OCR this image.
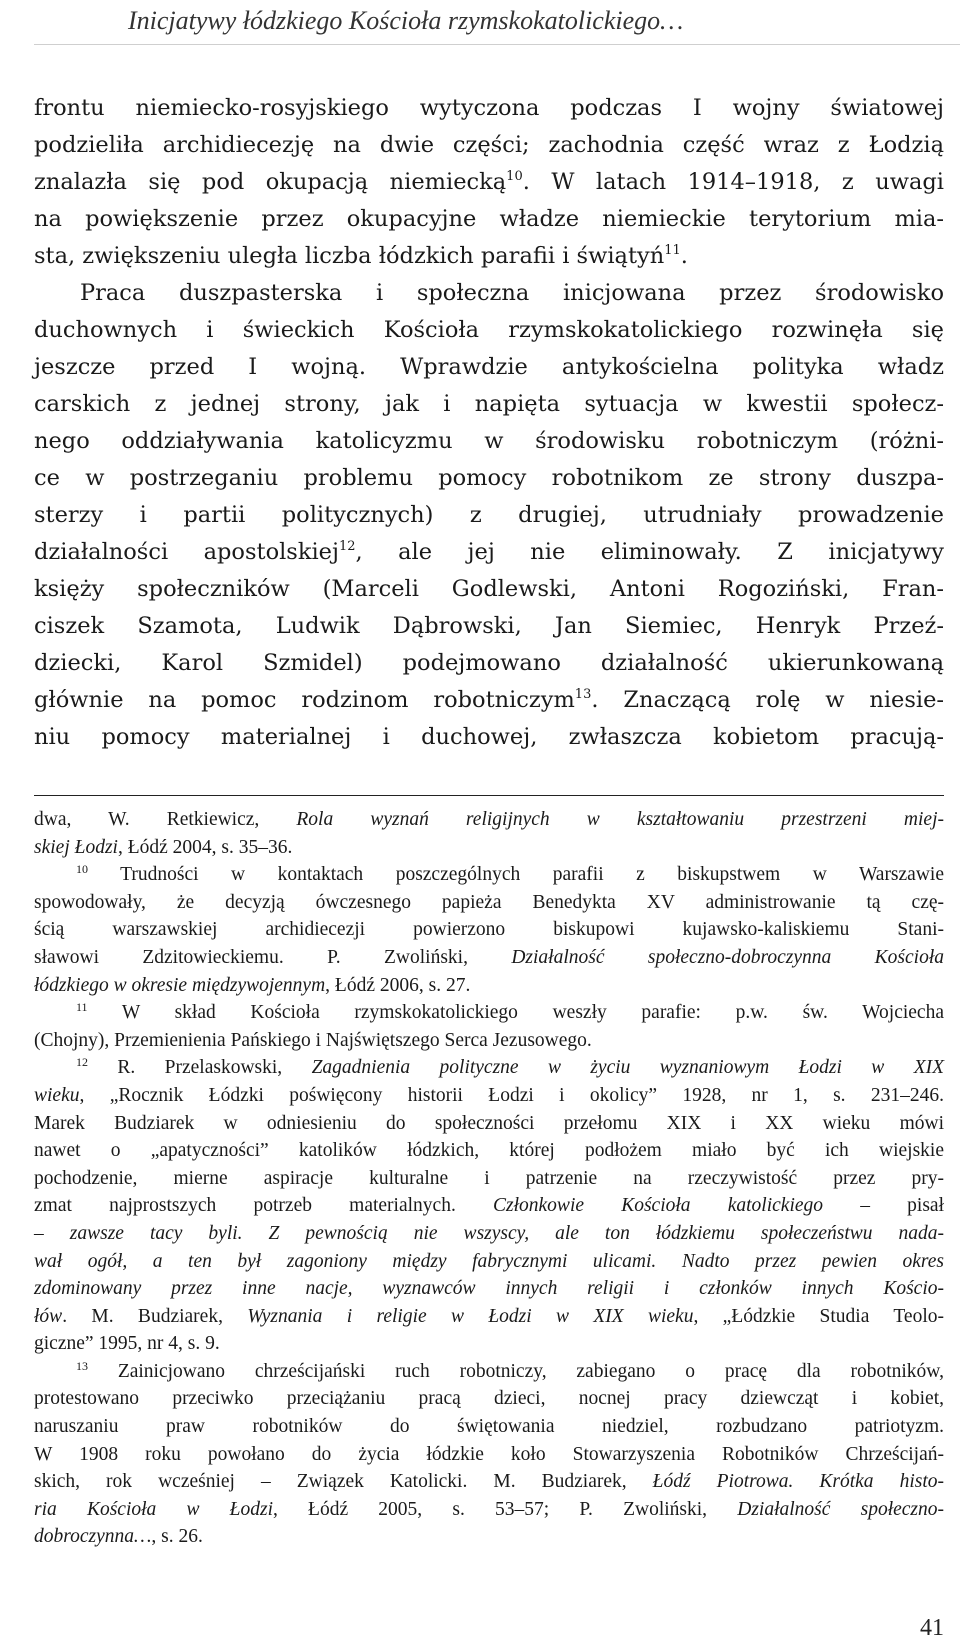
Inicjatywy łódzkiego Kościoła rzymskokatolickiego…
frontu niemiecko-rosyjskiego wytyczona podczas I wojny światowej
podzieliła archidiecezję na dwie części; zachodnia część wraz z Łodzią
znalazła się pod okupacją niemiecką$^{10}$. W latach 1914–1918, z uwagi
na powiększenie przez okupacyjne władze niemieckie terytorium mia-
sta, zwiększeniu uległa liczba łódzkich parafii i świątyń$^{11}$.
Praca duszpasterska i społeczna inicjowana przez środowisko
duchownych i świeckich Kościoła rzymskokatolickiego rozwinęła się
jeszcze przed I wojną. Wprawdzie antykościelna polityka władz
carskich z jednej strony, jak i napięta sytuacja w kwestii społecz-
nego oddziaływania katolicyzmu w środowisku robotniczym (różni-
ce w postrzeganiu problemu pomocy robotnikom ze strony duszpa-
sterzy i partii politycznych) z drugiej, utrudniały prowadzenie
działalności apostolskiej$^{12}$, ale jej nie eliminowały. Z inicjatywy
księży społeczników (Marceli Godlewski, Antoni Rogoziński, Fran-
ciszek Szamota, Ludwik Dąbrowski, Jan Siemiec, Henryk Przeź-
dziecki, Karol Szmidel) podejmowano działalność ukierunkowaną
głównie na pomoc rodzinom robotniczym$^{13}$. Znaczącą rolę w niesie-
niu pomocy materialnej i duchowej, zwłaszcza kobietom pracują-
dwa, W. Retkiewicz, Rola wyznań religijnych w kształtowaniu przestrzeni miej-
skiej Łodzi, Łódź 2004, s. 35–36.
$^{10}$ Trudności w kontaktach poszczególnych parafii z biskupstwem w Warszawie
spowodowały, że decyzją ówczesnego papieża Benedykta XV administrowanie tą czę-
ścią warszawskiej archidiecezji powierzono biskupowi kujawsko-kaliskiemu Stani-
sławowi Zdzitowieckiemu. P. Zwoliński, Działalność społeczno-dobroczynna Kościoła
łódzkiego w okresie międzywojennym, Łódź 2006, s. 27.
$^{11}$ W skład Kościoła rzymskokatolickiego weszły parafie: p.w. św. Wojciecha
(Chojny), Przemienienia Pańskiego i Najświętszego Serca Jezusowego.
$^{12}$ R. Przelaskowski, Zagadnienia polityczne w życiu wyznaniowym Łodzi w XIX
wieku, „Rocznik Łódzki poświęcony historii Łodzi i okolicy” 1928, nr 1, s. 231–246.
Marek Budziarek w odniesieniu do społeczności przełomu XIX i XX wieku mówi
nawet o „apatyczności” katolików łódzkich, której podłożem miało być ich wiejskie
pochodzenie, mierne aspiracje kulturalne i patrzenie na rzeczywistość przez pry-
zmat najprostszych potrzeb materialnych. Członkowie Kościoła katolickiego – pisał
– zawsze tacy byli. Z pewnością nie wszyscy, ale ton łódzkiemu społeczeństwu nada-
wał ogół, a ten był zagoniony między fabrycznymi ulicami. Nadto przez pewien okres
zdominowany przez inne nacje, wyznawców innych religii i członków innych Kościo-
łów. M. Budziarek, Wyznania i religie w Łodzi w XIX wieku, „Łódzkie Studia Teolo-
giczne” 1995, nr 4, s. 9.
$^{13}$ Zainicjowano chrześcijański ruch robotniczy, zabiegano o pracę dla robotników,
protestowano przeciwko przeciążaniu pracą dzieci, nocnej pracy dziewcząt i kobiet,
naruszaniu praw robotników do świętowania niedziel, rozbudzano patriotyzm.
W 1908 roku powołano do życia łódzkie koło Stowarzyszenia Robotników Chrześcijań-
skich, rok wcześniej – Związek Katolicki. M. Budziarek, Łódź Piotrowa. Krótka histo-
ria Kościoła w Łodzi, Łódź 2005, s. 53–57; P. Zwoliński, Działalność społeczno-
dobroczynna…, s. 26.
41
